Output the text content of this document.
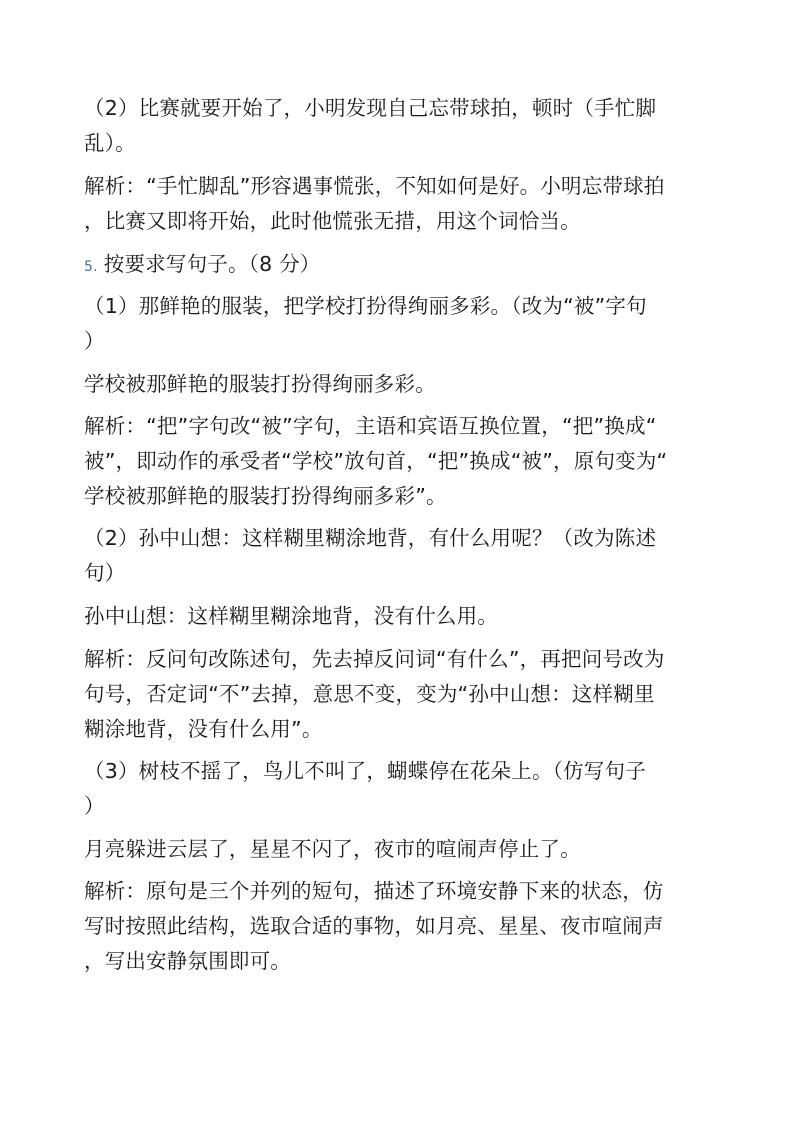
（2）比赛就要开始了，小明发现自己忘带球拍，顿时（手忙脚
乱）。
解析：“手忙脚乱”形容遇事慌张，不知如何是好。小明忘带球拍
，比赛又即将开始，此时他慌张无措，用这个词恰当。
5. 按要求写句子。（8 分）
（1）那鲜艳的服装，把学校打扮得绚丽多彩。（改为“被”字句
）
学校被那鲜艳的服装打扮得绚丽多彩。
解析：“把”字句改“被”字句，主语和宾语互换位置，“把”换成“
被”，即动作的承受者“学校”放句首，“把”换成“被”，原句变为“
学校被那鲜艳的服装打扮得绚丽多彩”。
（2）孙中山想：这样糊里糊涂地背，有什么用呢？（改为陈述
句）
孙中山想：这样糊里糊涂地背，没有什么用。
解析：反问句改陈述句，先去掉反问词“有什么”，再把问号改为
句号，否定词“不”去掉，意思不变，变为“孙中山想：这样糊里
糊涂地背，没有什么用”。
（3）树枝不摇了，鸟儿不叫了，蝴蝶停在花朵上。（仿写句子
）
月亮躲进云层了，星星不闪了，夜市的喧闹声停止了。
解析：原句是三个并列的短句，描述了环境安静下来的状态，仿
写时按照此结构，选取合适的事物，如月亮、星星、夜市喧闹声
，写出安静氛围即可。
